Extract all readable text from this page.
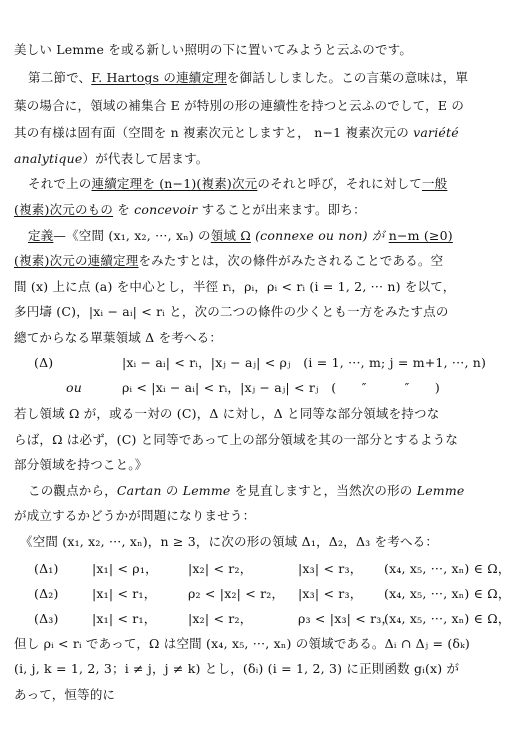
美しい Lemme を或る新しい照明の下に置いてみようと云ふのです。
第二節で、F. Hartogs の連續定理を御話ししました。この言葉の意味は，單
葉の場合に，領域の補集合 E が特別の形の連續性を持つと云ふのでして，E の
其の有様は固有面（空間を n 複素次元としますと， n−1 複素次元の variété
analytique）が代表して居ます。
それで上の連續定理を (n−1)(複素)次元のそれと呼び，それに対して一般
(複素)次元のもの を concevoir することが出来ます。即ち：
定義—《空間 (x₁, x₂, ···, xₙ) の領域 Ω (connexe ou non) が n−m (≥0)
(複素)次元の連續定理をみたすとは，次の條件がみたされることである。空
間 (x) 上に点 (a) を中心とし，半徑 rᵢ，ρᵢ，ρᵢ < rᵢ (i = 1, 2, ··· n) を以て，
多円壔 (C)，|xᵢ − aᵢ| < rᵢ と，次の二つの條件の少くとも一方をみたす点の
總てからなる單葉領域 Δ を考へる：
(Δ)	|xᵢ − aᵢ| < rᵢ，|xⱼ − aⱼ| < ρⱼ　(i = 1, ···, m; j = m+1, ···, n)
ou	ρᵢ < |xᵢ − aᵢ| < rᵢ，|xⱼ − aⱼ| < rⱼ　(　　″　　　″　　)
若し領域 Ω が，或る一対の (C)，Δ に対し，Δ と同等な部分領域を持つな
らば，Ω は必ず，(C) と同等であって上の部分領域を其の一部分とするような
部分領域を持つこと。》
この觀点から，Cartan の Lemme を見直しますと，当然次の形の Lemme
が成立するかどうかが問題になりませう：
《空間 (x₁, x₂, ···, xₙ)，n ≥ 3，に次の形の領域 Δ₁，Δ₂，Δ₃ を考へる：
(Δ₁)	|x₁| < ρ₁， |x₂| < r₂，	|x₃| < r₃， (x₄, x₅, ···, xₙ) ∈ Ω，
(Δ₂)	|x₁| < r₁，	ρ₂ < |x₂| < r₂， |x₃| < r₃， (x₄, x₅, ···, xₙ) ∈ Ω，
(Δ₃)	|x₁| < r₁，	|x₂| < r₂，	ρ₃ < |x₃| < r₃，(x₄, x₅, ···, xₙ) ∈ Ω，
但し ρᵢ < rᵢ であって，Ω は空間 (x₄, x₅, ···, xₙ) の領域である。Δᵢ ∩ Δⱼ = (δₖ)
(i, j, k = 1, 2, 3；i ≠ j，j ≠ k) とし，(δᵢ) (i = 1, 2, 3) に正則函数 gᵢ(x) が
あって，恒等的に
